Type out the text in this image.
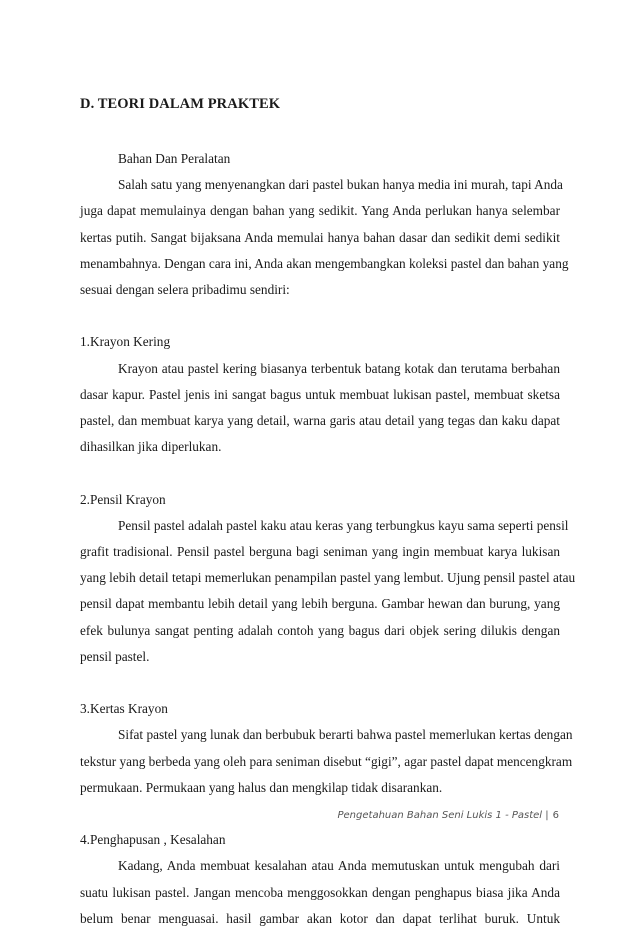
D. TEORI DALAM PRAKTEK
Bahan Dan Peralatan
Salah satu yang menyenangkan dari pastel bukan hanya media ini murah, tapi Anda
juga dapat memulainya dengan bahan yang sedikit. Yang Anda perlukan hanya selembar
kertas putih. Sangat bijaksana Anda memulai hanya bahan dasar dan sedikit demi sedikit
menambahnya. Dengan cara ini, Anda akan mengembangkan koleksi pastel dan bahan yang
sesuai dengan selera pribadimu sendiri:
1.Krayon Kering
Krayon atau pastel kering biasanya terbentuk batang kotak dan terutama berbahan
dasar kapur. Pastel jenis ini sangat bagus untuk membuat lukisan pastel, membuat sketsa
pastel, dan membuat karya yang detail, warna garis atau detail yang tegas dan kaku dapat
dihasilkan jika diperlukan.
2.Pensil Krayon
Pensil pastel adalah pastel kaku atau keras yang terbungkus kayu sama seperti pensil
grafit tradisional. Pensil pastel berguna bagi seniman yang ingin membuat karya lukisan
yang lebih detail tetapi memerlukan penampilan pastel yang lembut. Ujung pensil pastel atau
pensil dapat membantu lebih detail yang lebih berguna. Gambar hewan dan burung, yang
efek bulunya sangat penting adalah contoh yang bagus dari objek sering dilukis dengan
pensil pastel.
3.Kertas Krayon
Sifat pastel yang lunak dan berbubuk berarti bahwa pastel memerlukan kertas dengan
tekstur yang berbeda yang oleh para seniman disebut “gigi”, agar pastel dapat mencengkram
permukaan. Permukaan yang halus dan mengkilap tidak disarankan.
4.Penghapusan , Kesalahan
Kadang, Anda membuat kesalahan atau Anda memutuskan untuk mengubah dari
suatu lukisan pastel. Jangan mencoba menggosokkan dengan penghapus biasa jika Anda
belum benar menguasai. hasil gambar akan kotor dan dapat terlihat buruk. Untuk
Pengetahuan Bahan Seni Lukis 1 - Pastel | 6
